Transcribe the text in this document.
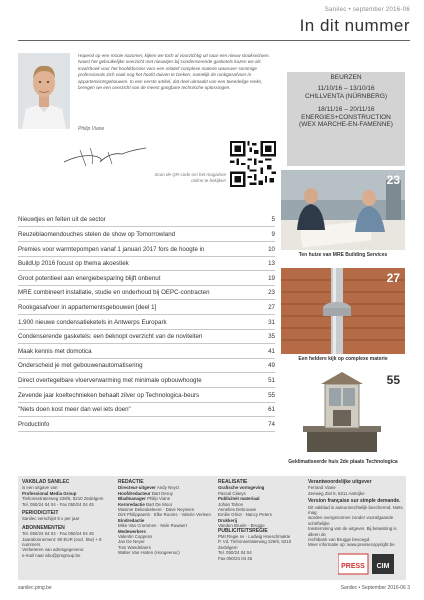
Sanilec • september 2016-06
In dit nummer
Hopend op een mooie nazomer, kijken we toch al voorzichtig uit naar een nieuw stookseizoen. Naast het gebruikelijke overzicht met nieuwtjes bij condenserende gasketels kozen we als invalshoek voor het hoofddossier voor een relatief complexe materie waarover sommige professionals zich vaak nog het hoofd duiven te breken, namelijk de rookgasafvoer in appartementsgebouwen. In een eerste artikel, dat deel uitmaakt van een tweedelige reeks, brengen we een overzicht van de meest gangbare technische oplossingen.
Philip Viane
BEURZEN
11/10/16 – 13/10/16
CHILLVENTA (NÜRNBERG)
18/11/16 – 20/11/16
ENERGIES+CONSTRUCTION
(WEX MARCHE-EN-FAMENNE)
Scan de QR-code om het magazine online te bekijken
Nieuwtjes en feiten uit de sector	5
Reuzeblaomendouches stelen de show op Tomorrowland	9
Premies voor warmtepompen vanaf 1 januari 2017 fors de hoogte in	10
BuildUp 2016 focust op thema akoestiek	13
Groot potentieel aan energiebesparing blijft onbenut	19
MRE combineert installatie, studie en onderhoud bij OEPC-contracten	23
Rookgasafvoer in appartementsgebouwen [deel 1]	27
1.900 nieuwe condensatieketels in Antwerps Europark	31
Condenserende gasketels: een beknopt overzicht van de noviteiten	35
Maak kennis met domotica	41
Onderscheid je met gebouwenautomatisering	49
Direct overtegelbare vloerverwarming met minimale opbouwhoogte	51
Zevende jaar koeltechnieken behaalt zilver op Technologica-beurs	55
"Niets doen kost meer dan wel iets doen"	61
Productinfo	74
23
Ten huize van MRE Building Services
27
Een heldere kijk op complexe materie
55
Geklimatiseerde huis 2de plaats Technologica
VAKBLAD SANILEC
is een uitgave van
Professional Media Group
Tiehonsetraterweg 228/6, 8210 Zedelgem
Tel. 050/24 04 04 - Fax 050/24 04 45
PERIODICITEIT
Sanilec verschijnt 9 x per jaar
ABONNEMENTEN
Tel. 050/24 04 04 - Fax 050/24 04 45
Jaarabonnement: 90 EUR (excl. btw) + 9 nummers
Verbeteren van adresgegevens:
e-mail naar abo@pmgroup.be
REDACTIE
Directeur-uitgever Andy Neyrz
Hoofdredacteur Bart Deruy
Bladmanager Philip Viane
Kernredactie Bart De Moor
Maxime Dekeukeleere · Dave Neyssen
Dirk Philippaerts · Elke Rooms · Valerie Verleen
Eindredactie
Mike Van Crommen · Nele Ruwaert
Medewerkers
Valentin Coppens
Jan De Neyer
Tom Wandelaers
Walter Van Hoiten (Hoogeenoc)
REALISATIE
Grafische vormgeving
Pascal Claeys
Publiciteit materiaal
Johan Tahon
Annelies Debrouwe
Emilie Ghiot · Nancy Peters
Drukkerij
Vanden Bruele - Brugge
PUBLICITEITSREGIE
PMI Regie nv · Ludwig Hoeschmakte
P. Vd. Tiehonsetraterweg 228/6, 8210 Zedelgem
Tel. 050/24 04 04
Fax 050/24 04 45
Verantwoordelijke uitgever
Ferrand Viane
Zeeweg Ziel 5, 8211 Aartrijke
Version française sur simple demande.
Dit vakblad is auteursrechtelijk beschermd. Niets mag
worden overgenomen zonder voorafgaande schriftelijke
toestemming van de uitgever. Bij betwisting is alleen de
rechtbank van Brugge bevoegd.
Meer informatie op: www.pressecopyright.be
PRESS CIM
sanilec.pmg.be	Sanilec • September 2016-06 3
